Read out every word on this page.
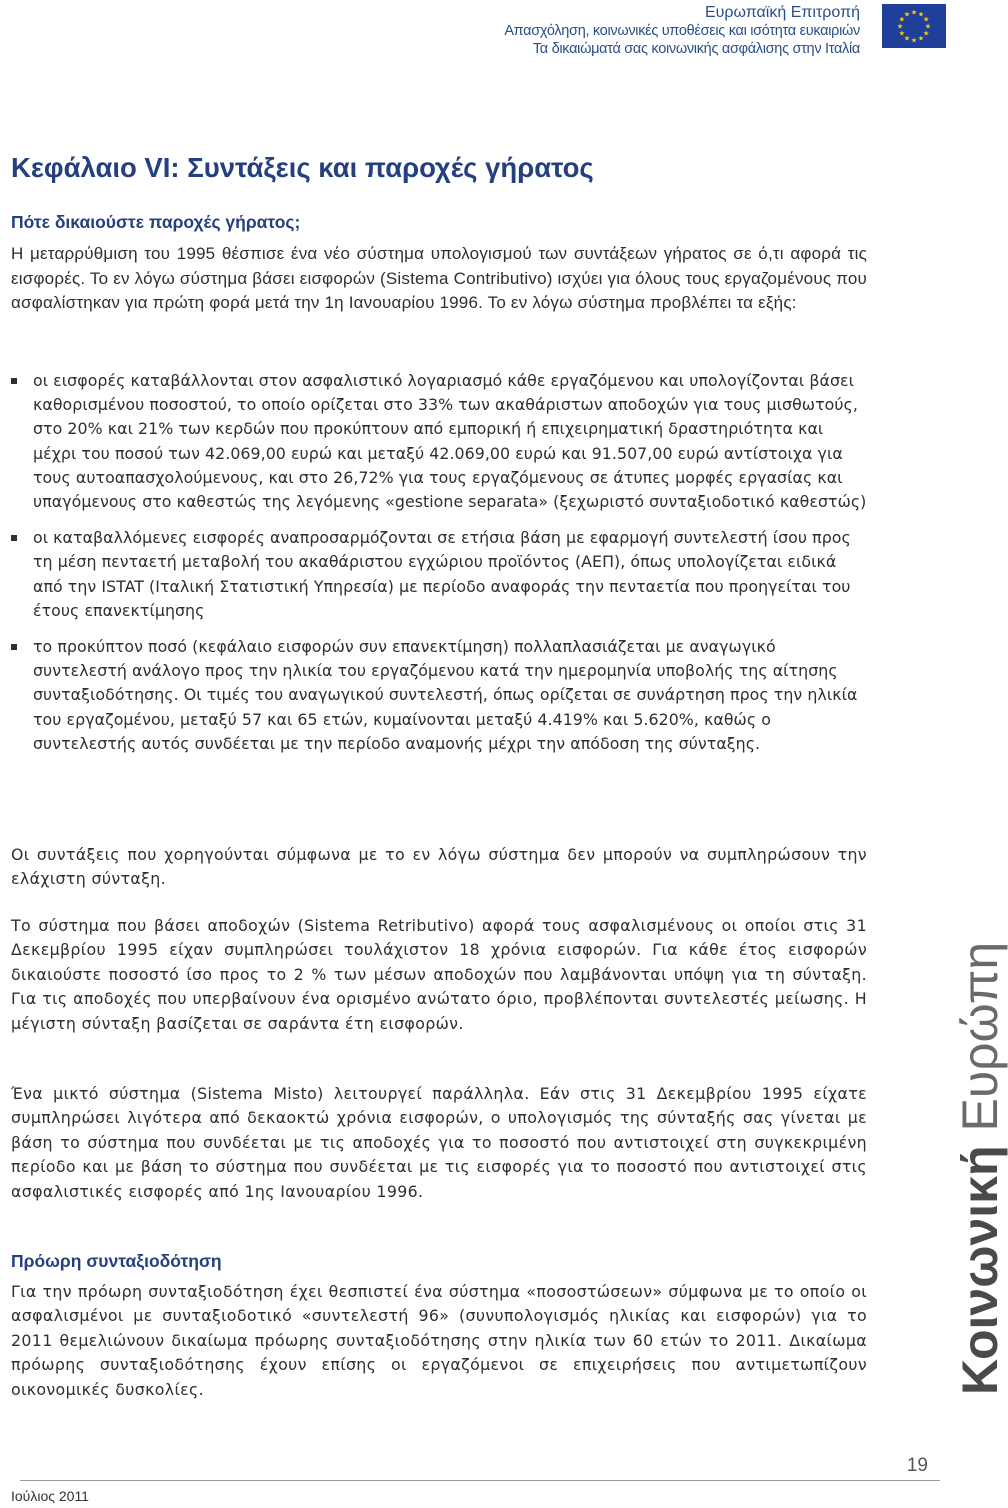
Ευρωπαϊκή Επιτροπή
Απασχόληση, κοινωνικές υποθέσεις και ισότητα ευκαιριών
Τα δικαιώματά σας κοινωνικής ασφάλισης στην Ιταλία
★
★
★
★
★
★
★
★
★ ★ ★
★
Κεφάλαιο VI: Συντάξεις και παροχές γήρατος
Πότε δικαιούστε παροχές γήρατος;

Η μεταρρύθμιση του 1995 θέσπισε ένα νέο σύστημα υπολογισμού των συντάξεων γήρατος σε ό,τι αφορά τις εισφορές. Το εν λόγω σύστημα βάσει εισφορών (Sistema Contributivo) ισχύει για όλους τους εργαζομένους που ασφαλίστηκαν για πρώτη φορά μετά την 1η Ιανουαρίου 1996. Το εν λόγω σύστημα προβλέπει τα εξής:

οι εισφορές καταβάλλονται στον ασφαλιστικό λογαριασμό κάθε εργαζόμενου και υπολογίζονται βάσει καθορισμένου ποσοστού, το οποίο ορίζεται στο 33% των ακαθάριστων αποδοχών για τους μισθωτούς, στο 20% και 21% των κερδών που προκύπτουν από εμπορική ή επιχειρηματική δραστηριότητα και μέχρι του ποσού των 42.069,00 ευρώ και μεταξύ 42.069,00 ευρώ και 91.507,00 ευρώ αντίστοιχα για τους αυτοαπασχολούμενους, και στο 26,72% για τους εργαζόμενους σε άτυπες μορφές εργασίας και υπαγόμενους στο καθεστώς της λεγόμενης «gestione separata» (ξεχωριστό συνταξιοδοτικό καθεστώς)
οι καταβαλλόμενες εισφορές αναπροσαρμόζονται σε ετήσια βάση με εφαρμογή συντελεστή ίσου προς τη μέση πενταετή μεταβολή του ακαθάριστου εγχώριου προϊόντος (ΑΕΠ), όπως υπολογίζεται ειδικά από την ISTAT (Ιταλική Στατιστική Υπηρεσία) με περίοδο αναφοράς την πενταετία που προηγείται του έτους επανεκτίμησης
το προκύπτον ποσό (κεφάλαιο εισφορών συν επανεκτίμηση) πολλαπλασιάζεται με αναγωγικό συντελεστή ανάλογο προς την ηλικία του εργαζόμενου κατά την ημερομηνία υποβολής της αίτησης συνταξιοδότησης. Οι τιμές του αναγωγικού συντελεστή, όπως ορίζεται σε συνάρτηση προς την ηλικία του εργαζομένου, μεταξύ 57 και 65 ετών, κυμαίνονται μεταξύ 4.419% και 5.620%, καθώς ο συντελεστής αυτός συνδέεται με την περίοδο αναμονής μέχρι την απόδοση της σύνταξης.

Οι συντάξεις που χορηγούνται σύμφωνα με το εν λόγω σύστημα δεν μπορούν να συμπληρώσουν την ελάχιστη σύνταξη.

Το σύστημα που βάσει αποδοχών (Sistema Retributivo) αφορά τους ασφαλισμένους οι οποίοι στις 31 Δεκεμβρίου 1995 είχαν συμπληρώσει τουλάχιστον 18 χρόνια εισφορών. Για κάθε έτος εισφορών δικαιούστε ποσοστό ίσο προς το 2 % των μέσων αποδοχών που λαμβάνονται υπόψη για τη σύνταξη. Για τις αποδοχές που υπερβαίνουν ένα ορισμένο ανώτατο όριο, προβλέπονται συντελεστές μείωσης. Η μέγιστη σύνταξη βασίζεται σε σαράντα έτη εισφορών.

Ένα μικτό σύστημα (Sistema Misto) λειτουργεί παράλληλα. Εάν στις 31 Δεκεμβρίου 1995 είχατε συμπληρώσει λιγότερα από δεκαοκτώ χρόνια εισφορών, ο υπολογισμός της σύνταξής σας γίνεται με βάση το σύστημα που συνδέεται με τις αποδοχές για το ποσοστό που αντιστοιχεί στη συγκεκριμένη περίοδο και με βάση το σύστημα που συνδέεται με τις εισφορές για το ποσοστό που αντιστοιχεί στις ασφαλιστικές εισφορές από 1ης Ιανουαρίου 1996.

Πρόωρη συνταξιοδότηση

Για την πρόωρη συνταξιοδότηση έχει θεσπιστεί ένα σύστημα «ποσοστώσεων» σύμφωνα με το οποίο οι ασφαλισμένοι με συνταξιοδοτικό «συντελεστή 96» (συνυπολογισμός ηλικίας και εισφορών) για το 2011 θεμελιώνουν δικαίωμα πρόωρης συνταξιοδότησης στην ηλικία των 60 ετών το 2011. Δικαίωμα πρόωρης συνταξιοδότησης έχουν επίσης οι εργαζόμενοι σε επιχειρήσεις που αντιμετωπίζουν οικονομικές δυσκολίες.	Κοινωνική Ευρώπη
19
Ιούλιος 2011
